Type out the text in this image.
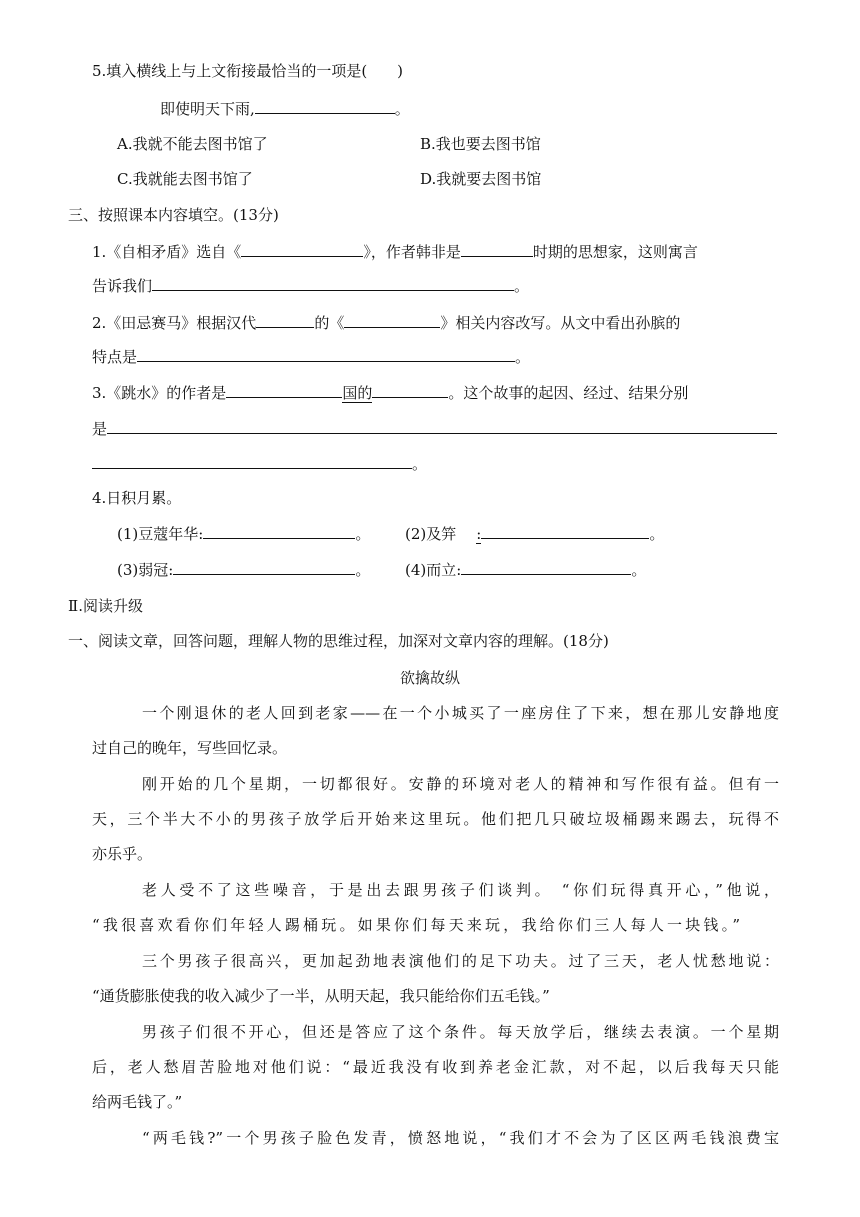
5.填入横线上与上文衔接最恰当的一项是(　　)
即使明天下雨,	。
A.我就不能去图书馆了	B.我也要去图书馆
C.我就能去图书馆了	D.我就要去图书馆
三、按照课本内容填空。(13分)
1.《自相矛盾》选自《	》，作者韩非是	时期的思想家，这则寓言
告诉我们	。
2.《田忌赛马》根据汉代	的《	》相关内容改写。从文中看出孙膑的
特点是	。
3.《跳水》的作者是	国的	。这个故事的起因、经过、结果分别
是
。
4.日积月累。
(1)豆蔻年华:	。 (2)及笄 :	。
(3)弱冠:	。 (4)而立:	。
Ⅱ.阅读升级
一、阅读文章，回答问题，理解人物的思维过程，加深对文章内容的理解。(18分)
欲擒故纵
一个刚退休的老人回到老家——在一个小城买了一座房住了下来，想在那儿安静地度
过自己的晚年，写些回忆录。
刚开始的几个星期，一切都很好。安静的环境对老人的精神和写作很有益。但有一
天，三个半大不小的男孩子放学后开始来这里玩。他们把几只破垃圾桶踢来踢去，玩得不
亦乐乎。
老人受不了这些噪音，于是出去跟男孩子们谈判。 “你们玩得真开心，”他说，
“我很喜欢看你们年轻人踢桶玩。如果你们每天来玩，我给你们三人每人一块钱。”
三个男孩子很高兴，更加起劲地表演他们的足下功夫。过了三天，老人忧愁地说：
“通货膨胀使我的收入减少了一半，从明天起，我只能给你们五毛钱。”
男孩子们很不开心，但还是答应了这个条件。每天放学后，继续去表演。一个星期
后，老人愁眉苦脸地对他们说：“最近我没有收到养老金汇款，对不起，以后我每天只能
给两毛钱了。”
“两毛钱?”一个男孩子脸色发青，愤怒地说，“我们才不会为了区区两毛钱浪费宝
